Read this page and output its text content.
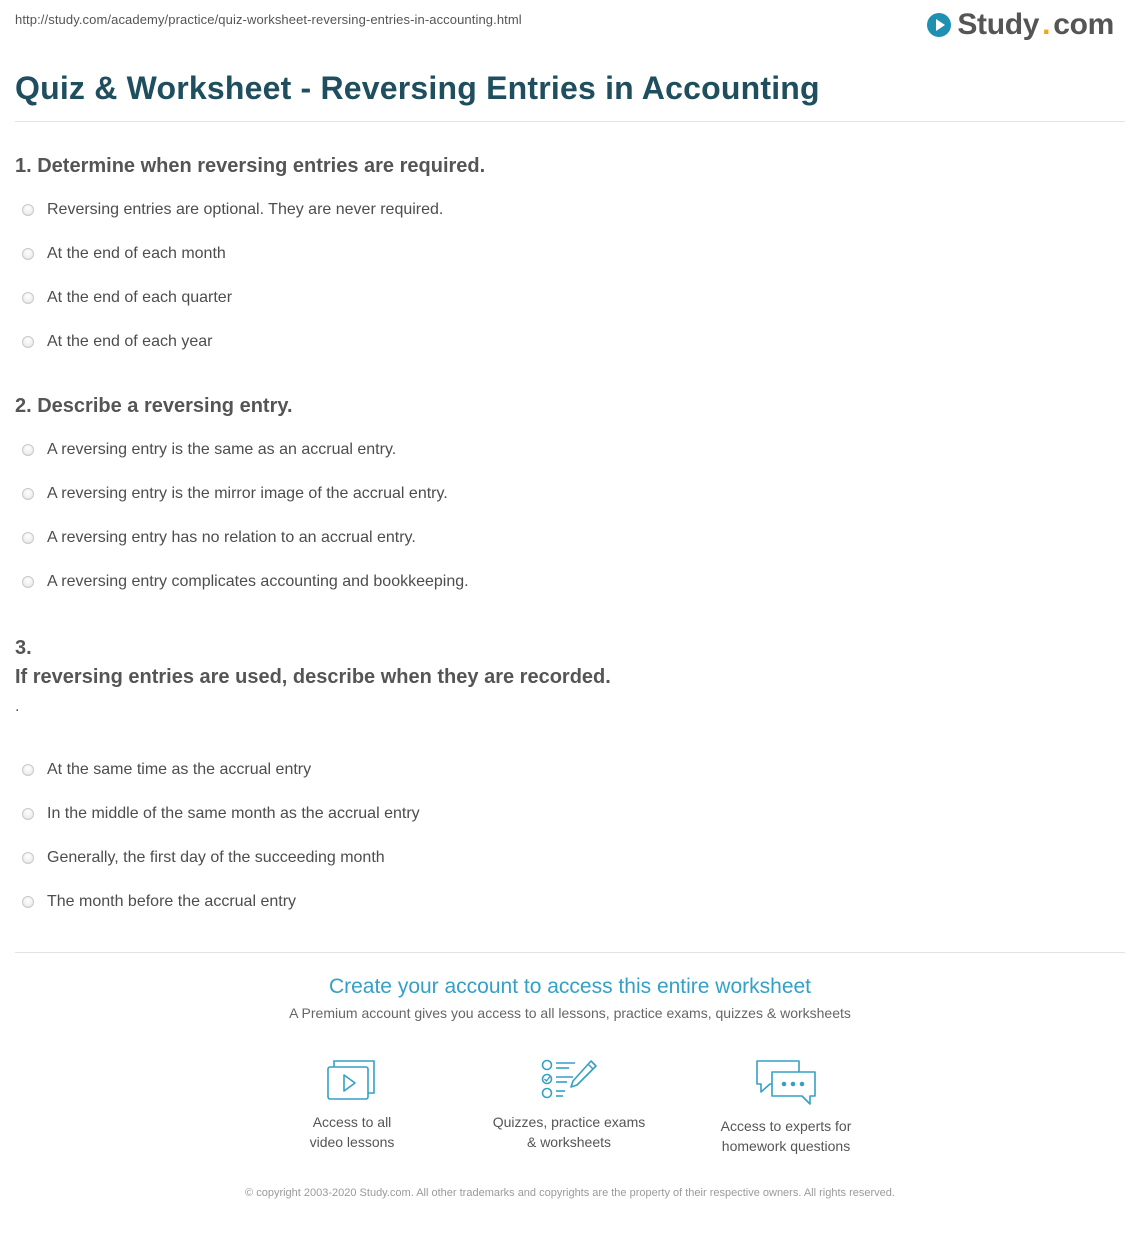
http://study.com/academy/practice/quiz-worksheet-reversing-entries-in-accounting.html	Study . com
Quiz & Worksheet - Reversing Entries in Accounting
1. Determine when reversing entries are required.
Reversing entries are optional. They are never required.
At the end of each month
At the end of each quarter
At the end of each year
2. Describe a reversing entry.
A reversing entry is the same as an accrual entry.
A reversing entry is the mirror image of the accrual entry.
A reversing entry has no relation to an accrual entry.
A reversing entry complicates accounting and bookkeeping.
3.
If reversing entries are used, describe when they are recorded.
.
At the same time as the accrual entry
In the middle of the same month as the accrual entry
Generally, the first day of the succeeding month
The month before the accrual entry
Create your account to access this entire worksheet
A Premium account gives you access to all lessons, practice exams, quizzes & worksheets
Access to all
video lessons
Quizzes, practice exams
& worksheets
Access to experts for
homework questions
© copyright 2003-2020 Study.com. All other trademarks and copyrights are the property of their respective owners. All rights reserved.
